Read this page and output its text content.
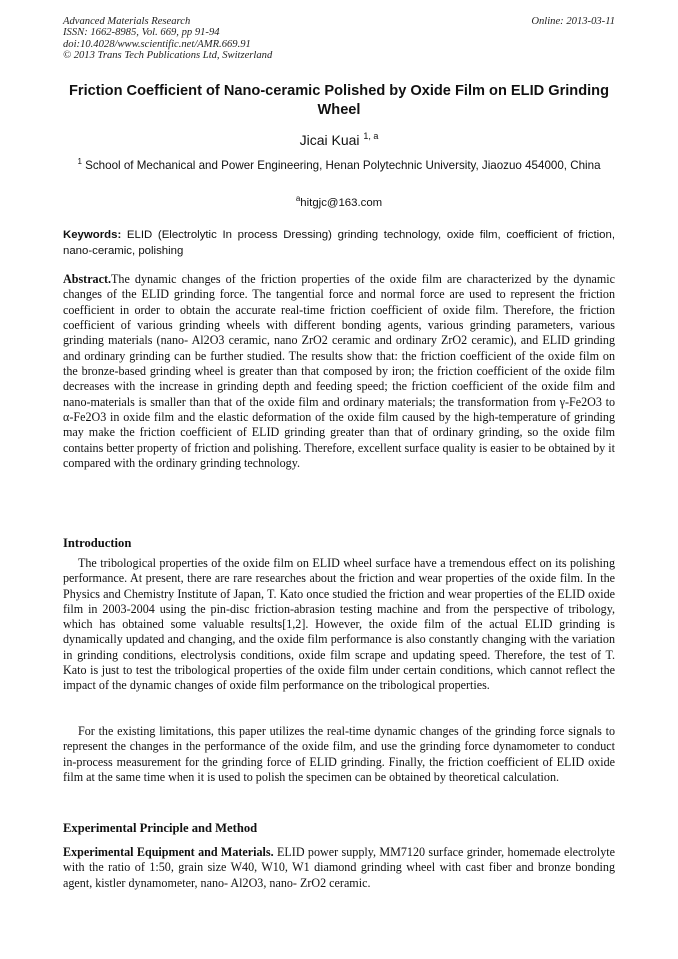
Advanced Materials Research
ISSN: 1662-8985, Vol. 669, pp 91-94
doi:10.4028/www.scientific.net/AMR.669.91
© 2013 Trans Tech Publications Ltd, Switzerland
Online: 2013-03-11
Friction Coefficient of Nano-ceramic Polished by Oxide Film on ELID Grinding Wheel
Jicai Kuai $^{1, a}$
$^1$ School of Mechanical and Power Engineering, Henan Polytechnic University, Jiaozuo 454000, China
$^a$hitgjc@163.com
Keywords: ELID (Electrolytic In process Dressing) grinding technology, oxide film, coefficient of friction, nano-ceramic, polishing
Abstract.The dynamic changes of the friction properties of the oxide film are characterized by the dynamic changes of the ELID grinding force. The tangential force and normal force are used to represent the friction coefficient in order to obtain the accurate real-time friction coefficient of oxide film. Therefore, the friction coefficient of various grinding wheels with different bonding agents, various grinding parameters, various grinding materials (nano- Al2O3 ceramic, nano ZrO2 ceramic and ordinary ZrO2 ceramic), and ELID grinding and ordinary grinding can be further studied. The results show that: the friction coefficient of the oxide film on the bronze-based grinding wheel is greater than that composed by iron; the friction coefficient of the oxide film decreases with the increase in grinding depth and feeding speed; the friction coefficient of the oxide film and nano-materials is smaller than that of the oxide film and ordinary materials; the transformation from γ-Fe2O3 to α-Fe2O3 in oxide film and the elastic deformation of the oxide film caused by the high-temperature of grinding may make the friction coefficient of ELID grinding greater than that of ordinary grinding, so the oxide film contains better property of friction and polishing. Therefore, excellent surface quality is easier to be obtained by it compared with the ordinary grinding technology.
Introduction
The tribological properties of the oxide film on ELID wheel surface have a tremendous effect on its polishing performance. At present, there are rare researches about the friction and wear properties of the oxide film. In the Physics and Chemistry Institute of Japan, T. Kato once studied the friction and wear properties of the ELID oxide film in 2003-2004 using the pin-disc friction-abrasion testing machine and from the perspective of tribology, which has obtained some valuable results[1,2]. However, the oxide film of the actual ELID grinding is dynamically updated and changing, and the oxide film performance is also constantly changing with the variation in grinding conditions, electrolysis conditions, oxide film scrape and updating speed. Therefore, the test of T. Kato is just to test the tribological properties of the oxide film under certain conditions, which cannot reflect the impact of the dynamic changes of oxide film performance on the tribological properties.
For the existing limitations, this paper utilizes the real-time dynamic changes of the grinding force signals to represent the changes in the performance of the oxide film, and use the grinding force dynamometer to conduct in-process measurement for the grinding force of ELID grinding. Finally, the friction coefficient of ELID oxide film at the same time when it is used to polish the specimen can be obtained by theoretical calculation.
Experimental Principle and Method
Experimental Equipment and Materials. ELID power supply, MM7120 surface grinder, homemade electrolyte with the ratio of 1:50, grain size W40, W10, W1 diamond grinding wheel with cast fiber and bronze bonding agent, kistler dynamometer, nano- Al2O3, nano- ZrO2 ceramic.
